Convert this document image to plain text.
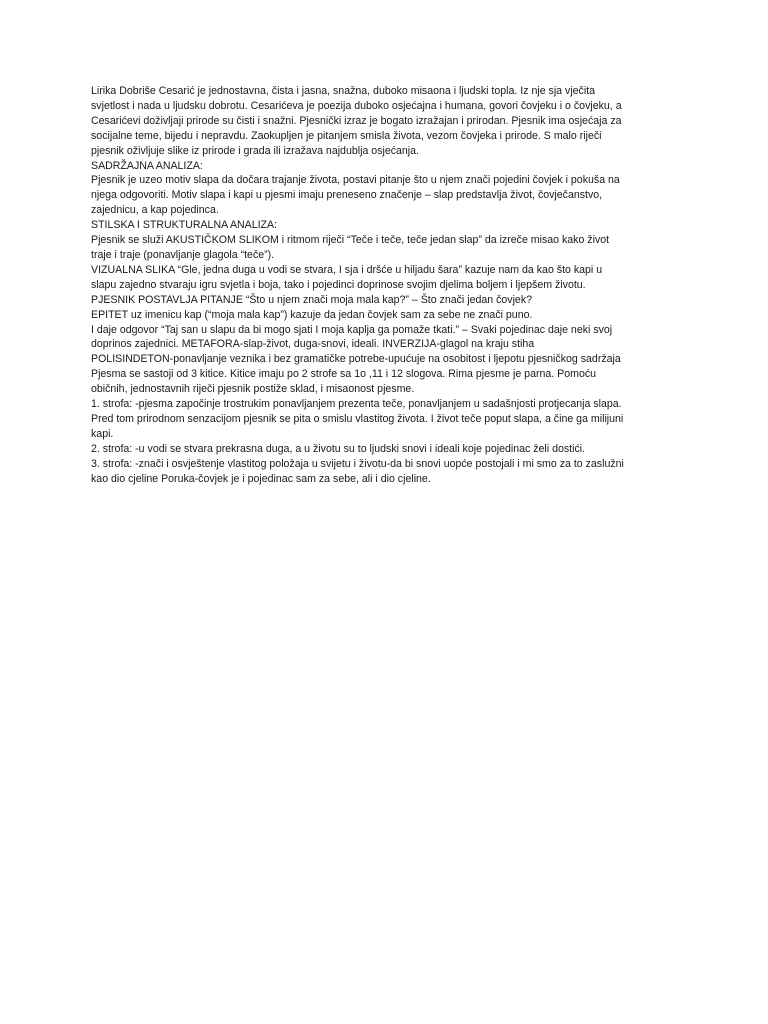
Lirika Dobriše Cesarić je jednostavna, čista i jasna, snažna, duboko misaona i ljudski topla. Iz nje sja vječita
svjetlost i nada u ljudsku dobrotu. Cesarićeva je poezija duboko osjećajna i humana, govori čovjeku i o čovjeku, a
Cesarićevi doživljaji prirode su čisti i snažni. Pjesnički izraz je bogato izražajan i prirodan. Pjesnik ima osjećaja za
socijalne teme, bijedu i nepravdu. Zaokupljen je pitanjem smisla života, vezom čovjeka i prirode. S malo riječi
pjesnik oživljuje slike iz prirode i grada ili izražava najdublja osjećanja.
SADRŽAJNA ANALIZA:
Pjesnik je uzeo motiv slapa da dočara trajanje života, postavi pitanje što u njem znači pojedini čovjek i pokuša na
njega odgovoriti. Motiv slapa i kapi u pjesmi imaju preneseno značenje – slap predstavlja život, čovječanstvo,
zajednicu, a kap pojedinca.
STILSKA I STRUKTURALNA ANALIZA:
Pjesnik se služi AKUSTIČKOM SLIKOM i ritmom riječi “Teče i teče, teče jedan slap” da izreče misao kako život
traje i traje (ponavljanje glagola “teče”).
VIZUALNA SLIKA “Gle, jedna duga u vodi se stvara, I sja i dršće u hiljadu šara” kazuje nam da kao što kapi u
slapu zajedno stvaraju igru svjetla i boja, tako i pojedinci doprinose svojim djelima boljem i ljepšem životu.
PJESNIK POSTAVLJA PITANJE “Što u njem znači moja mala kap?” – Što znači jedan čovjek?
EPITET uz imenicu kap (“moja mala kap”) kazuje da jedan čovjek sam za sebe ne znači puno.
I daje odgovor “Taj san u slapu da bi mogo sjati I moja kaplja ga pomaže tkati.” – Svaki pojedinac daje neki svoj
doprinos zajednici. METAFORA-slap-život, duga-snovi, ideali. INVERZIJA-glagol na kraju stiha
POLISINDETON-ponavljanje veznika i bez gramatičke potrebe-upućuje na osobitost i ljepotu pjesničkog sadržaja
Pjesma se sastoji od 3 kitice. Kitice imaju po 2 strofe sa 1o ,11 i 12 slogova. Rima pjesme je parna. Pomoću
običnih, jednostavnih riječi pjesnik postiže sklad, i misaonost pjesme.
1. strofa: -pjesma započinje trostrukim ponavljanjem prezenta teče, ponavljanjem u sadašnjosti protjecanja slapa.
Pred tom prirodnom senzacijom pjesnik se pita o smislu vlastitog života. I život teče poput slapa, a čine ga milijuni
kapi.
2. strofa: -u vodi se stvara prekrasna duga, a u životu su to ljudski snovi i ideali koje pojedinac želi dostići.
3. strofa: -znači i osvještenje vlastitog položaja u svijetu i životu-da bi snovi uopće postojali i mi smo za to zaslužni
kao dio cjeline Poruka-čovjek je i pojedinac sam za sebe, ali i dio cjeline.
